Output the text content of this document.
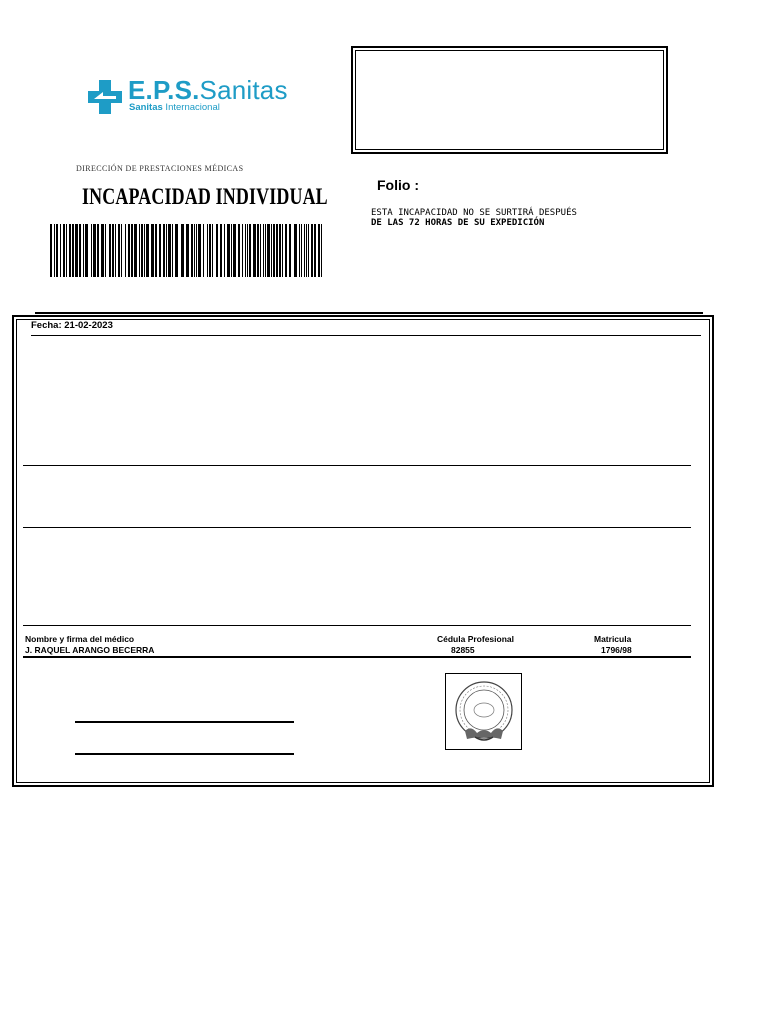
E.P.S.Sanitas
Sanitas Internacional
DIRECCIÓN DE PRESTACIONES MÉDICAS
INCAPACIDAD INDIVIDUAL	Folio :
ESTA INCAPACIDAD NO SE SURTIRÁ DESPUÉS
DE LAS 72 HORAS DE SU EXPEDICIÓN
Fecha: 21-02-2023
Nombre y firma del médico
J. RAQUEL ARANGO BECERRA
Cédula Profesional
82855
Matricula
1796/98
